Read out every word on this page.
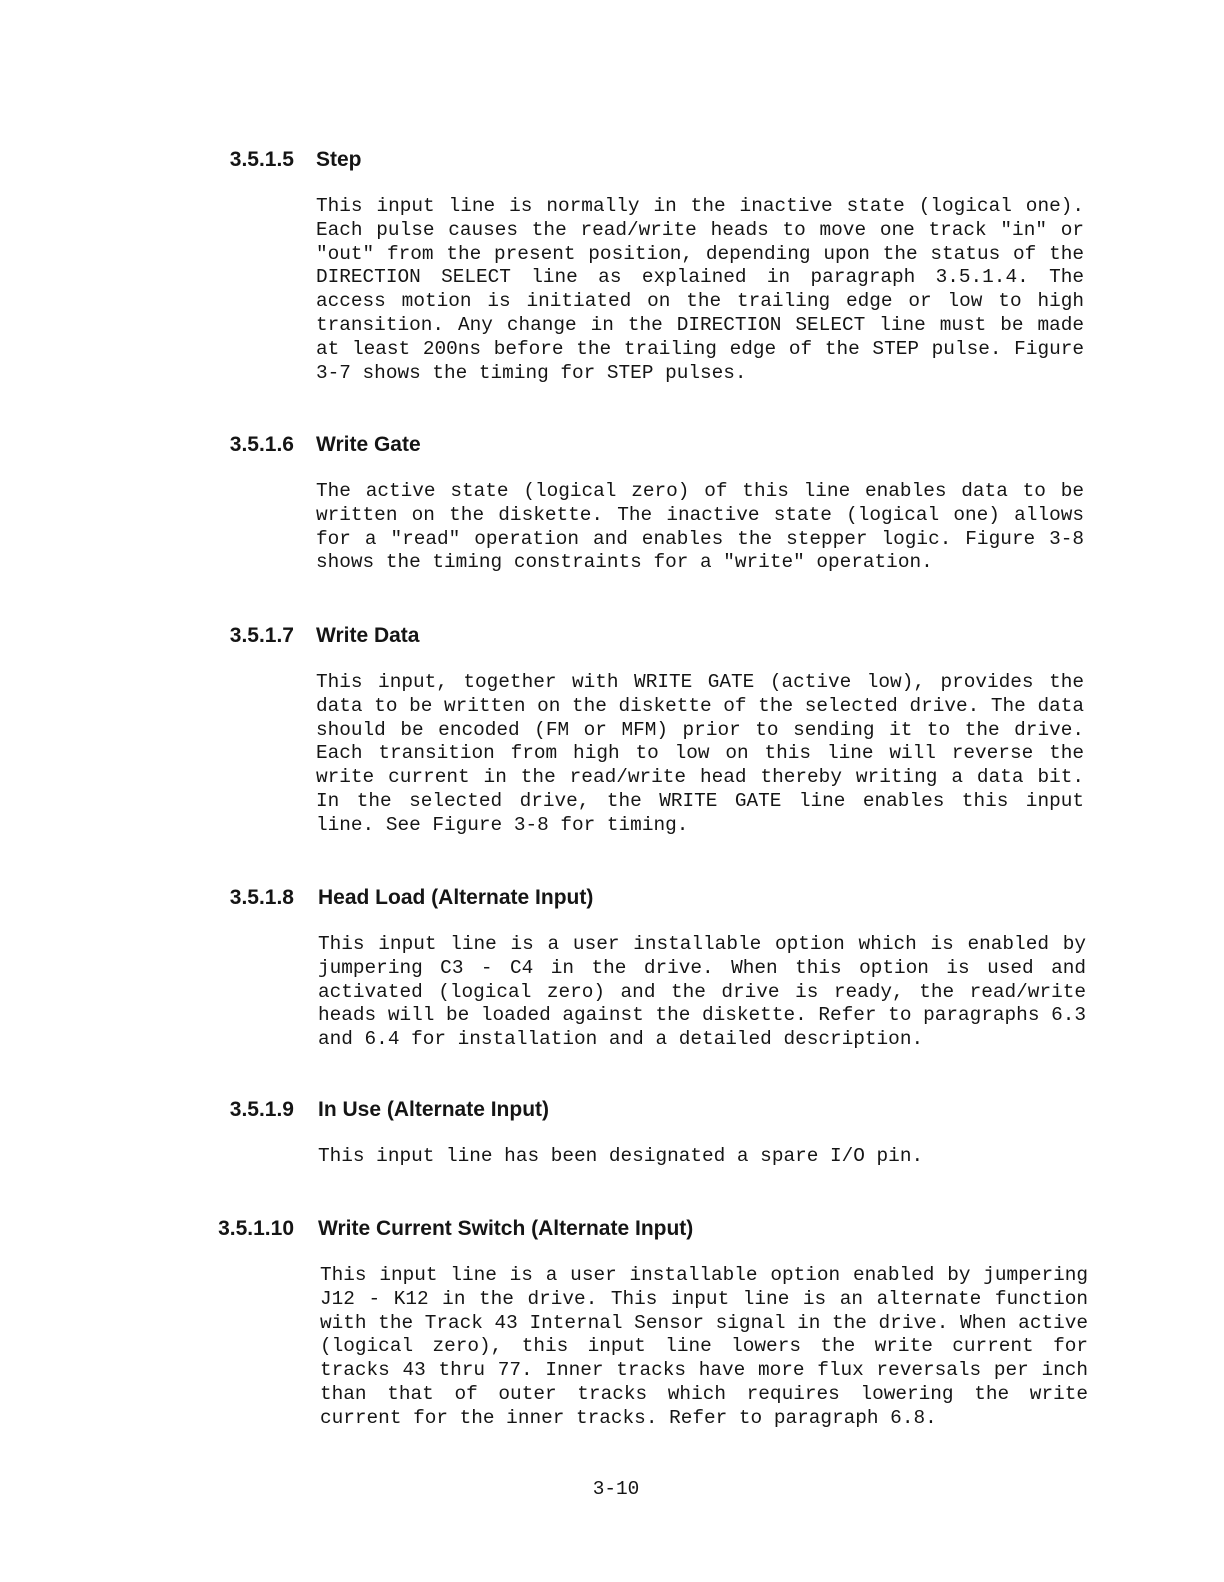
3.5.1.5 Step
This input line is normally in the inactive state (logical one). Each pulse causes the read/write heads to move one track "in" or "out" from the present position, depending upon the status of the DIRECTION SELECT line as explained in paragraph 3.5.1.4. The access motion is initiated on the trailing edge or low to high transition. Any change in the DIRECTION SELECT line must be made at least 200ns before the trailing edge of the STEP pulse. Figure 3-7 shows the timing for STEP pulses.
3.5.1.6 Write Gate
The active state (logical zero) of this line enables data to be written on the diskette. The inactive state (logical one) allows for a "read" operation and enables the stepper logic. Figure 3-8 shows the timing constraints for a "write" operation.
3.5.1.7 Write Data
This input, together with WRITE GATE (active low), provides the data to be written on the diskette of the selected drive. The data should be encoded (FM or MFM) prior to sending it to the drive. Each transition from high to low on this line will reverse the write current in the read/write head thereby writing a data bit. In the selected drive, the WRITE GATE line enables this input line. See Figure 3-8 for timing.
3.5.1.8 Head Load (Alternate Input)
This input line is a user installable option which is enabled by jumpering C3 - C4 in the drive. When this option is used and activated (logical zero) and the drive is ready, the read/write heads will be loaded against the diskette. Refer to paragraphs 6.3 and 6.4 for installation and a detailed description.
3.5.1.9 In Use (Alternate Input)
This input line has been designated a spare I/O pin.
3.5.1.10 Write Current Switch (Alternate Input)
This input line is a user installable option enabled by jumpering J12 - K12 in the drive. This input line is an alternate function with the Track 43 Internal Sensor signal in the drive. When active (logical zero), this input line lowers the write current for tracks 43 thru 77. Inner tracks have more flux reversals per inch than that of outer tracks which requires lowering the write current for the inner tracks. Refer to paragraph 6.8.
3-10
